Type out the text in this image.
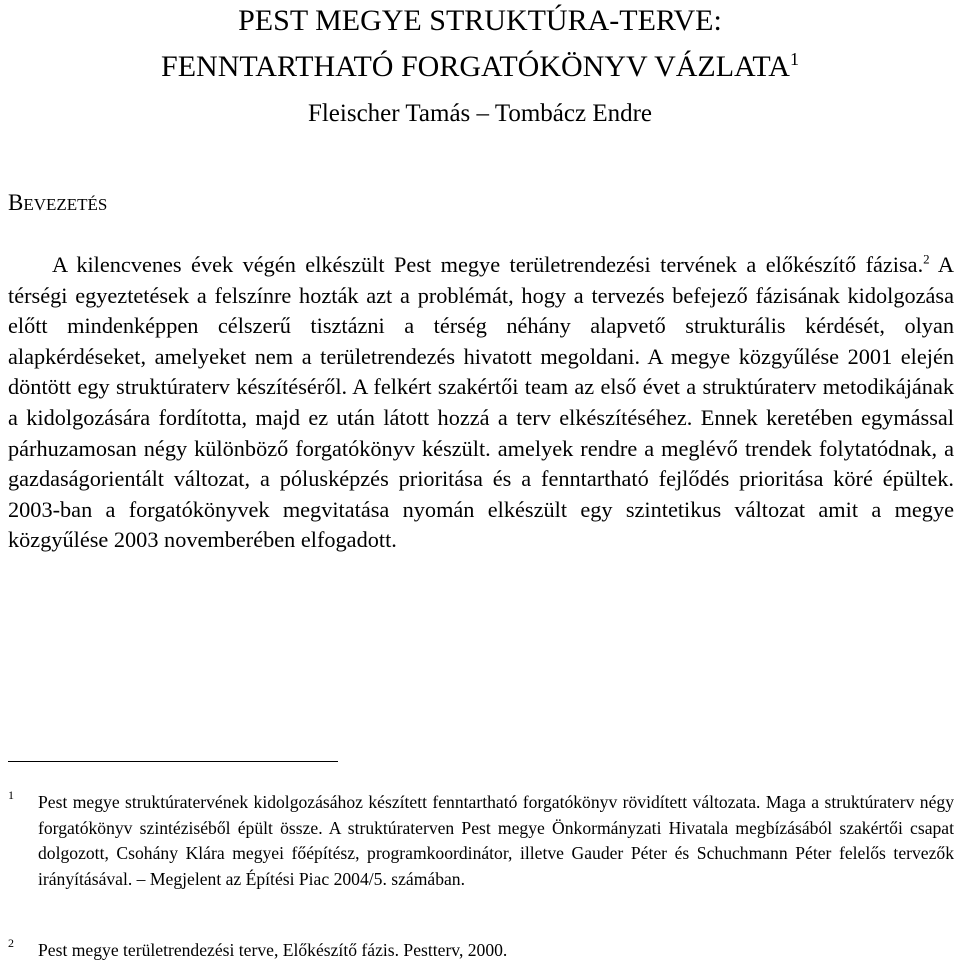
PEST MEGYE STRUKTÚRA-TERVE:
FENNTARTHATÓ FORGATÓKÖNYV VÁZLATA$^1$
Fleischer Tamás – Tombácz Endre
BEVEZETÉS
A kilencvenes évek végén elkészült Pest megye területrendezési tervének a előkészítő fázisa.$^2$ A térségi egyeztetések a felszínre hozták azt a problémát, hogy a tervezés befejező fázisának kidolgozása előtt mindenképpen célszerű tisztázni a térség néhány alapvető strukturális kérdését, olyan alapkérdéseket, amelyeket nem a területrendezés hivatott megoldani. A megye közgyűlése 2001 elején döntött egy struktúraterv készítéséről. A felkért szakértői team az első évet a struktúraterv metodikájának a kidolgozására fordította, majd ez után látott hozzá a terv elkészítéséhez. Ennek keretében egymással párhuzamosan négy különböző forgatókönyv készült. amelyek rendre a meglévő trendek folytatódnak, a gazdaságorientált változat, a pólusképzés prioritása és a fenntartható fejlődés prioritása köré épültek. 2003-ban a forgatókönyvek megvitatása nyomán elkészült egy szintetikus változat amit a megye közgyűlése 2003 novemberében elfogadott.
1 Pest megye struktúratervének kidolgozásához készített fenntartható forgatókönyv rövidített változata. Maga a struktúraterv négy forgatókönyv szintéziséből épült össze. A struktúraterven Pest megye Önkormányzati Hivatala megbízásából szakértői csapat dolgozott, Csohány Klára megyei főépítész, programkoordinátor, illetve Gauder Péter és Schuchmann Péter felelős tervezők irányításával. – Megjelent az Építési Piac 2004/5. számában.
2 Pest megye területrendezési terve, Előkészítő fázis. Pestterv, 2000.
